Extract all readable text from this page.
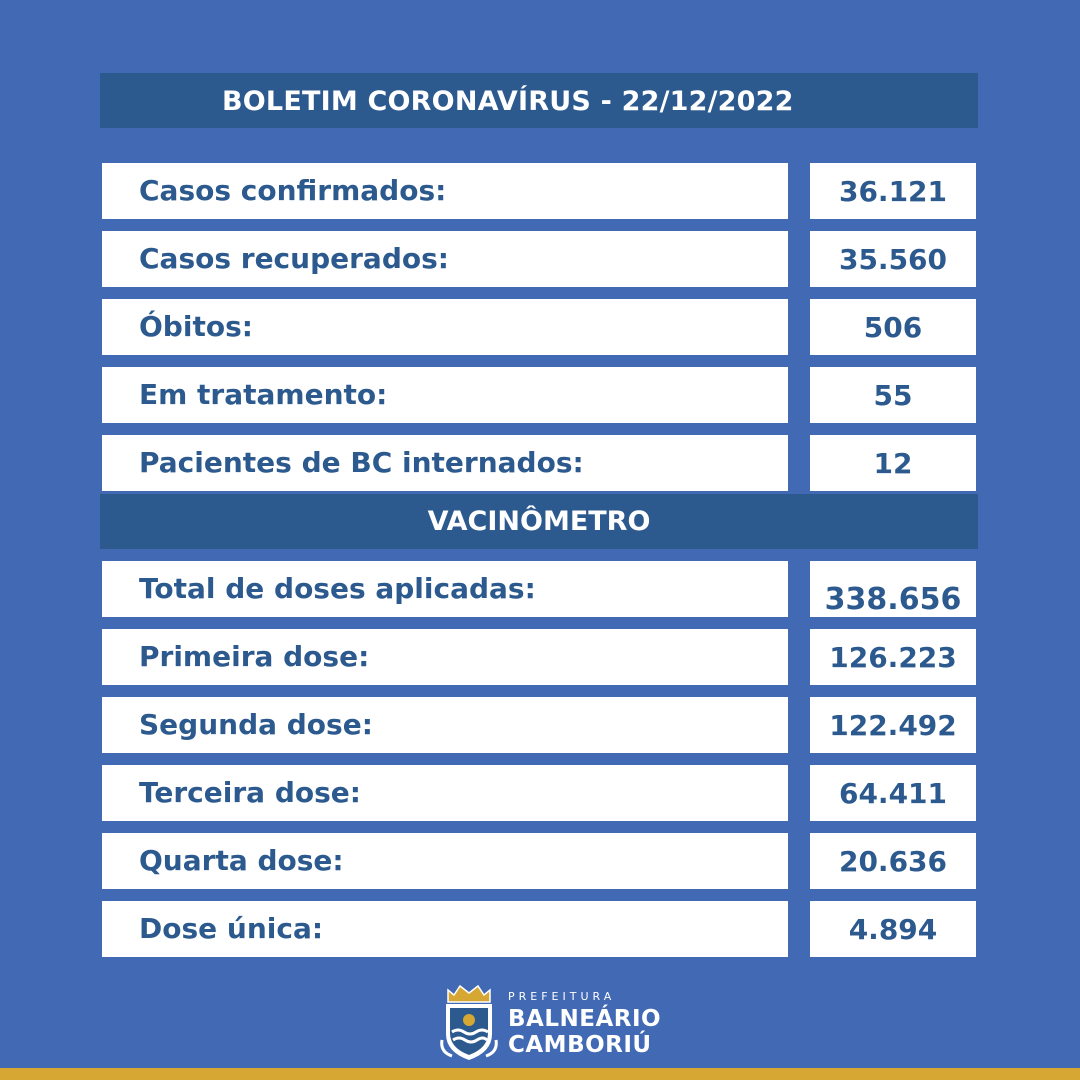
BOLETIM CORONAVÍRUS - 22/12/2022
Casos confirmados:	36.121
Casos recuperados:	35.560
Óbitos:	506
Em tratamento:	55
Pacientes de BC internados:	12
VACINÔMETRO
Total de doses aplicadas:	338.656
Primeira dose:	126.223
Segunda dose:	122.492
Terceira dose:	64.411
Quarta dose:	20.636
Dose única:	4.894
PREFEITURA
BALNEÁRIO
CAMBORIÚ
